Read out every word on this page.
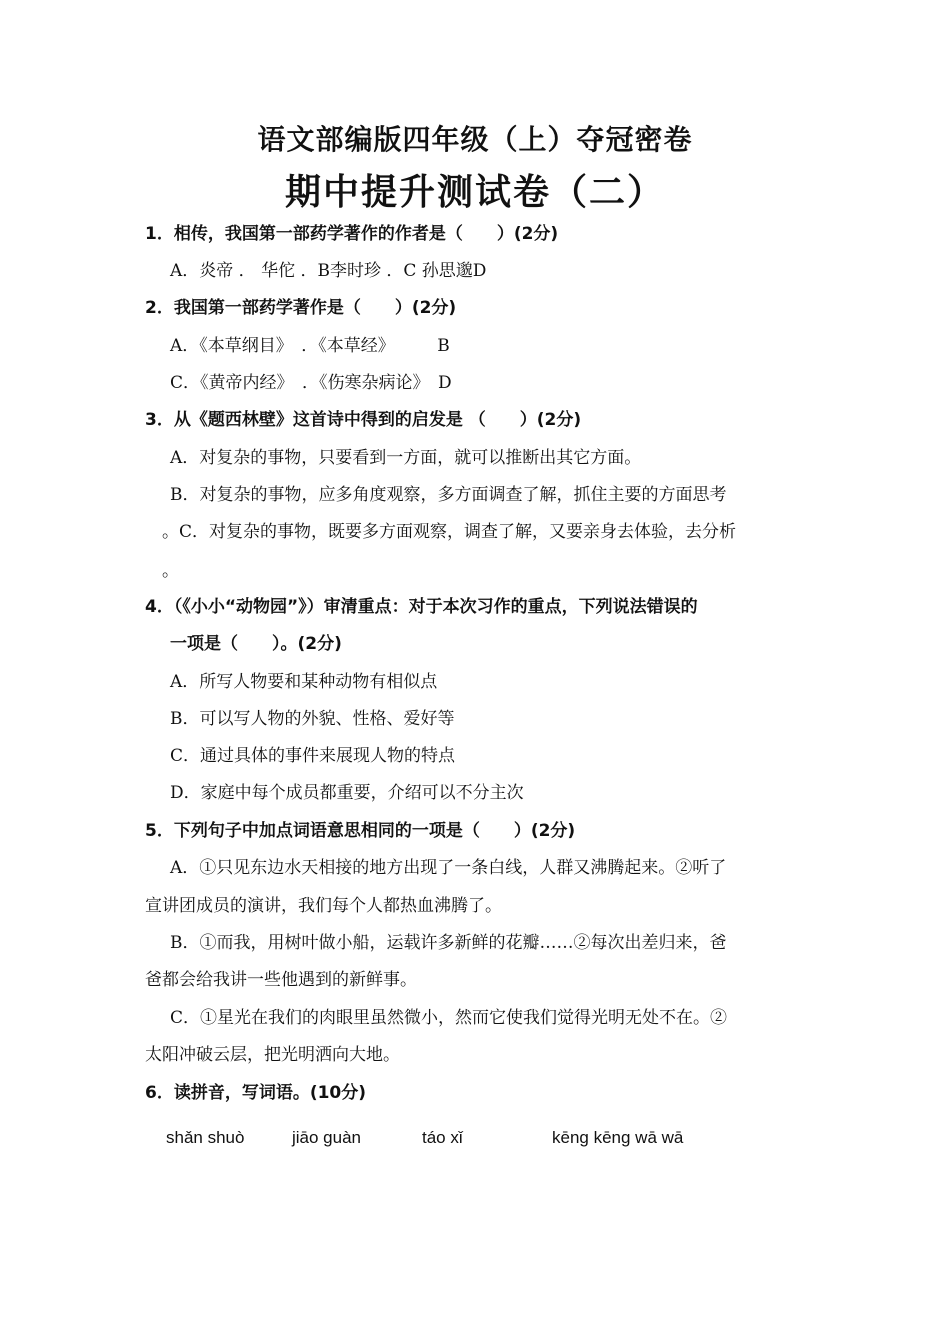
语文部编版四年级（上）夺冠密卷
期中提升测试卷（二）
1．相传，我国第一部药学著作的作者是（　　）(2分)
A．炎帝 ． 华佗 ．B李时珍 ．C 孙思邈D
2．我国第一部药学著作是（　　）(2分)
A．《本草纲目》　．《本草经》　　　B
C．《黄帝内经》　．《伤寒杂病论》　D
3．从《题西林壁》这首诗中得到的启发是 （　　）(2分)
A．对复杂的事物，只要看到一方面，就可以推断出其它方面。
B．对复杂的事物，应多角度观察，多方面调查了解，抓住主要的方面思考
。C．对复杂的事物，既要多方面观察，调查了解，又要亲身去体验，去分析
。
4．（《小小“动物园”》）审清重点：对于本次习作的重点，下列说法错误的
一项是（　　）。(2分)
A．所写人物要和某种动物有相似点
B．可以写人物的外貌、性格、爱好等
C．通过具体的事件来展现人物的特点
D．家庭中每个成员都重要，介绍可以不分主次
5．下列句子中加点词语意思相同的一项是（　　）(2分)
A．①只见东边水天相接的地方出现了一条白线，人群又沸腾起来。②听了
宣讲团成员的演讲，我们每个人都热血沸腾了。
B．①而我，用树叶做小船，运载许多新鲜的花瓣……②每次出差归来，爸
爸都会给我讲一些他遇到的新鲜事。
C．①星光在我们的肉眼里虽然微小，然而它使我们觉得光明无处不在。②
太阳冲破云层，把光明洒向大地。
6．读拼音，写词语。(10分)
shǎn shuò	jiāo guàn	táo xǐ	kēng kēng wā wā
